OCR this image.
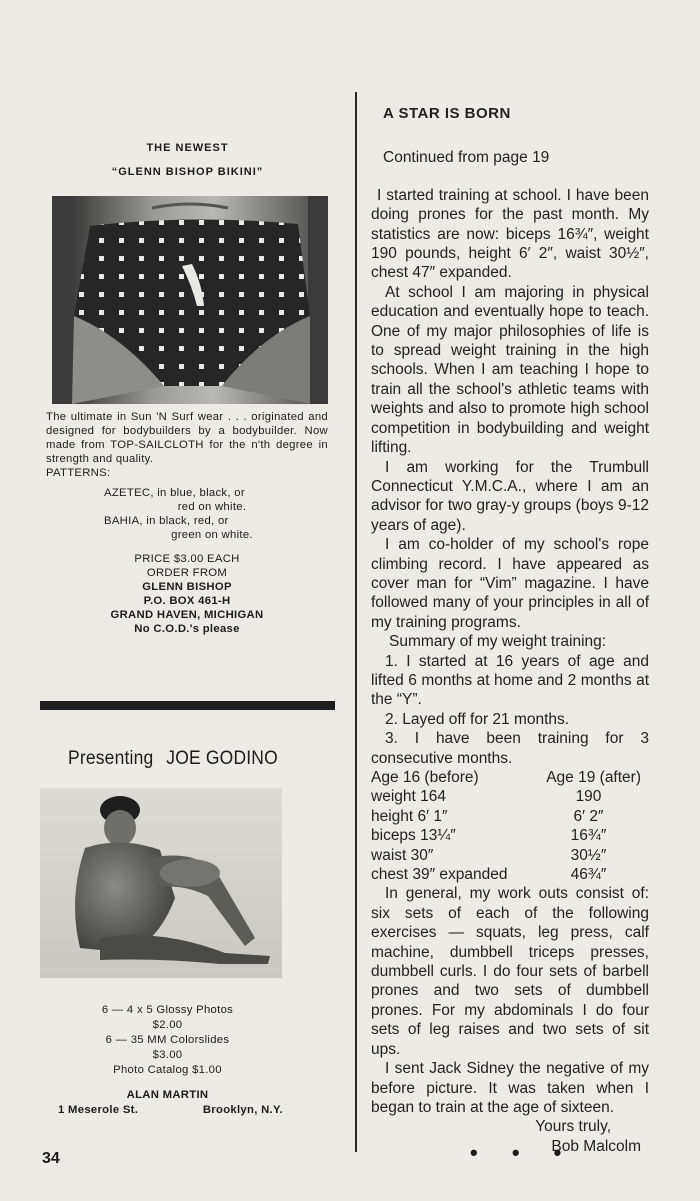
THE NEWEST
“GLENN BISHOP BIKINI”

The ultimate in Sun 'N Surf wear . . . originated and designed for bodybuilders by a bodybuilder. Now made from TOP-SAILCLOTH for the n'th degree in strength and quality.

PATTERNS:

AZETEC, in blue, black, or

red on white.

BAHIA, in black, red, or

green on white.

PRICE $3.00 EACH
ORDER FROM
GLENN BISHOP
P.O. BOX 461-H
GRAND HAVEN, MICHIGAN
No C.O.D.'s please
Presenting JOE GODINO
6 — 4 x 5 Glossy Photos
$2.00
6 — 35 MM Colorslides
$3.00
Photo Catalog $1.00
ALAN MARTIN
1 Meserole St.	Brooklyn, N.Y.
34
A STAR IS BORN
Continued from page 19

I started training at school. I have been doing prones for the past month. My statistics are now: biceps 16¾″, weight 190 pounds, height 6′ 2″, waist 30½″, chest 47″ expanded.

At school I am majoring in physical education and eventually hope to teach. One of my major philosophies of life is to spread weight training in the high schools. When I am teaching I hope to train all the school's athletic teams with weights and also to promote high school competition in bodybuilding and weight lifting.

I am working for the Trumbull Connecticut Y.M.C.A., where I am an advisor for two gray-y groups (boys 9-12 years of age).

I am co-holder of my school's rope climbing record. I have appeared as cover man for “Vim” magazine. I have followed many of your principles in all of my training programs.

Summary of my weight training:

1. I started at 16 years of age and lifted 6 months at home and 2 months at the “Y”.

2. Layed off for 21 months.

3. I have been training for 3 consecutive months.

Age 16 (before)	Age 19 (after)
weight 164	190
height 6′ 1″	6′ 2″
biceps 13¼″	16¾″
waist 30″	30½″
chest 39″ expanded	46¾″

In general, my work outs consist of: six sets of each of the following exercises — squats, leg press, calf machine, dumbbell triceps presses, dumbbell curls. I do four sets of barbell prones and two sets of dumbbell prones. For my abdominals I do four sets of leg raises and two sets of sit ups.

I sent Jack Sidney the negative of my before picture. It was taken when I began to train at the age of sixteen.

Yours truly,
Bob Malcolm
• • •
